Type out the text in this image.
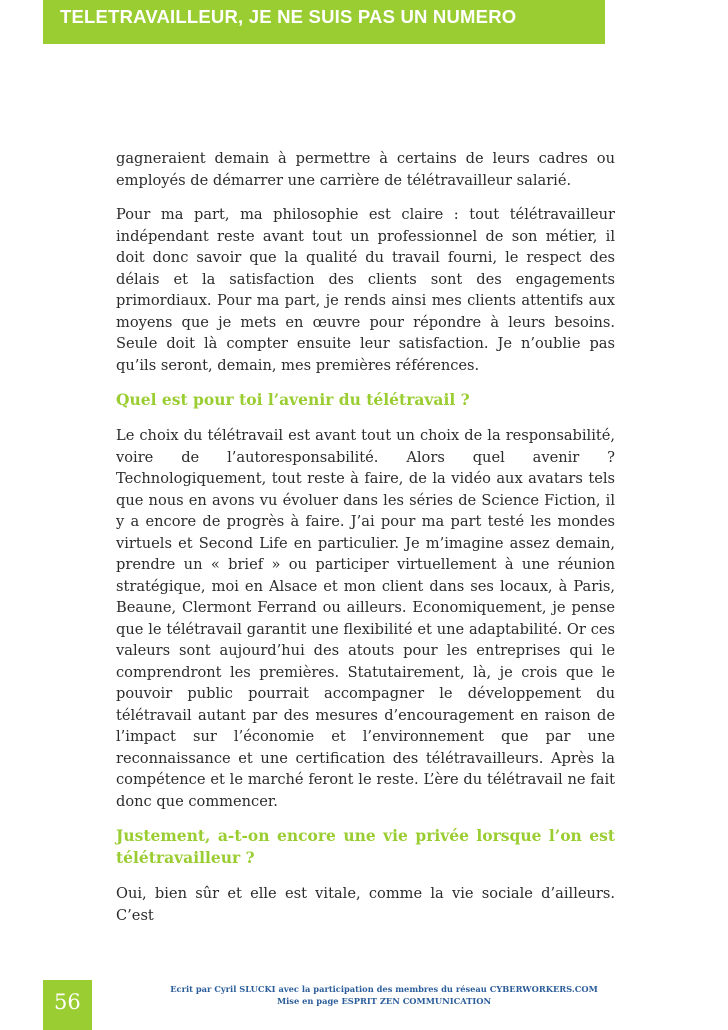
TELETRAVAILLEUR, JE NE SUIS PAS UN NUMERO

gagneraient demain à permettre à certains de leurs cadres ou employés de démarrer une carrière de télétravailleur salarié.

Pour ma part, ma philosophie est claire : tout télétravailleur indépendant reste avant tout un professionnel de son métier, il doit donc savoir que la qualité du travail fourni, le respect des délais et la satisfaction des clients sont des engagements primordiaux. Pour ma part, je rends ainsi mes clients attentifs aux moyens que je mets en œuvre pour répondre à leurs besoins. Seule doit là compter ensuite leur satisfaction. Je n’oublie pas qu’ils seront, demain, mes premières références.

Quel est pour toi l’avenir du télétravail ?

Le choix du télétravail est avant tout un choix de la responsabilité, voire de l’autoresponsabilité. Alors quel avenir ? Technologiquement, tout reste à faire, de la vidéo aux avatars tels que nous en avons vu évoluer dans les séries de Science Fiction, il y a encore de progrès à faire. J’ai pour ma part testé les mondes virtuels et Second Life en particulier. Je m’imagine assez demain, prendre un « brief » ou participer virtuellement à une réunion stratégique, moi en Alsace et mon client dans ses locaux, à Paris, Beaune, Clermont Ferrand ou ailleurs. Economiquement, je pense que le télétravail garantit une flexibilité et une adaptabilité. Or ces valeurs sont aujourd’hui des atouts pour les entreprises qui le comprendront les premières. Statutairement, là, je crois que le pouvoir public pourrait accompagner le développement du télétravail autant par des mesures d’encouragement en raison de l’impact sur l’économie et l’environnement que par une reconnaissance et une certification des télétravailleurs. Après la compétence et le marché feront le reste. L’ère du télétravail ne fait donc que commencer.

Justement, a-t-on encore une vie privée lorsque l’on est télétravailleur ?

Oui, bien sûr et elle est vitale, comme la vie sociale d’ailleurs. C’est

Ecrit par Cyril SLUCKI avec la participation des membres du réseau CYBERWORKERS.COM
Mise en page ESPRIT ZEN COMMUNICATION
56
